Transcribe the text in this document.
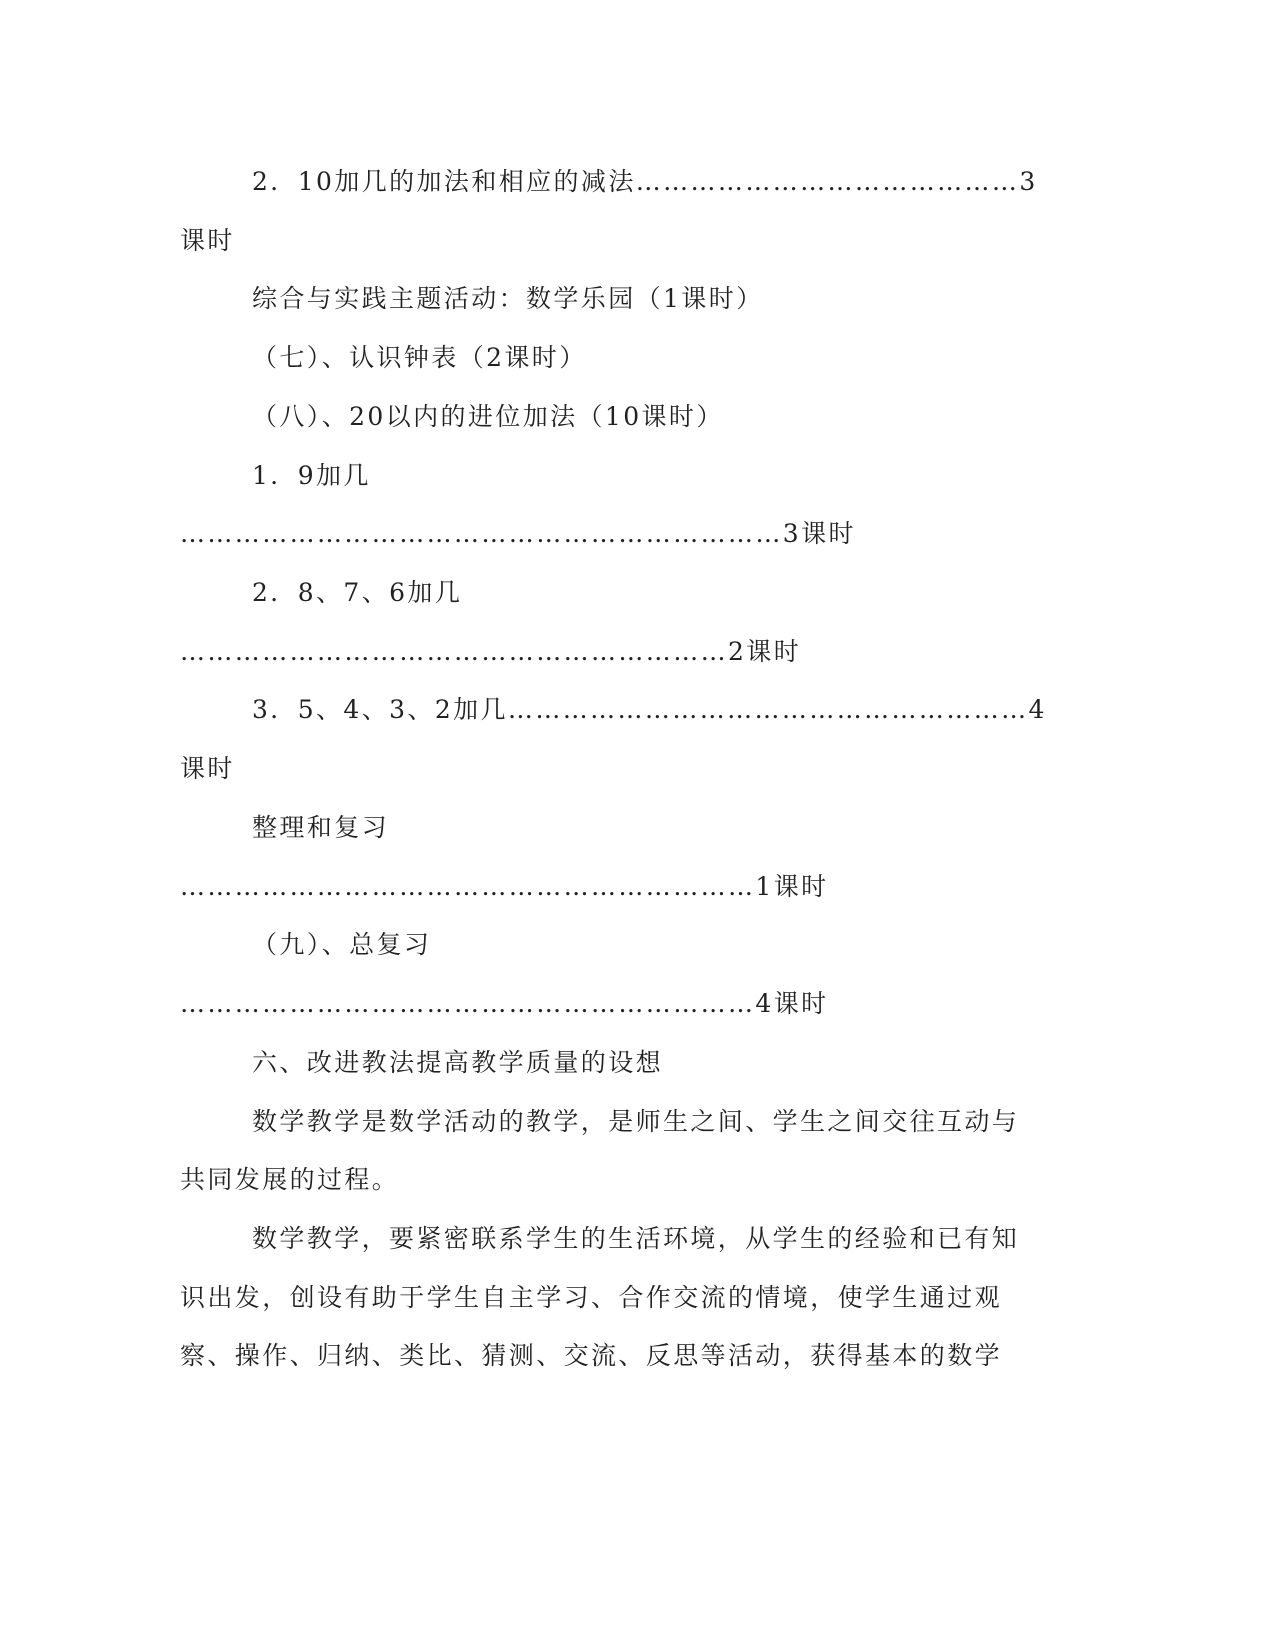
2．10加几的加法和相应的减法……………………………………3
课时
综合与实践主题活动：数学乐园（1课时）
（七）、认识钟表（2课时）
（八）、20以内的进位加法（10课时）
1．9加几
…………………………………………………………3课时
2．8、7、6加几
……………………………………………………2课时
3．5、4、3、2加几…………………………………………………4
课时
整理和复习
………………………………………………………1课时
（九）、总复习
………………………………………………………4课时
六、改进教法提高教学质量的设想
数学教学是数学活动的教学，是师生之间、学生之间交往互动与
共同发展的过程。
数学教学，要紧密联系学生的生活环境，从学生的经验和已有知
识出发，创设有助于学生自主学习、合作交流的情境，使学生通过观
察、操作、归纳、类比、猜测、交流、反思等活动，获得基本的数学
